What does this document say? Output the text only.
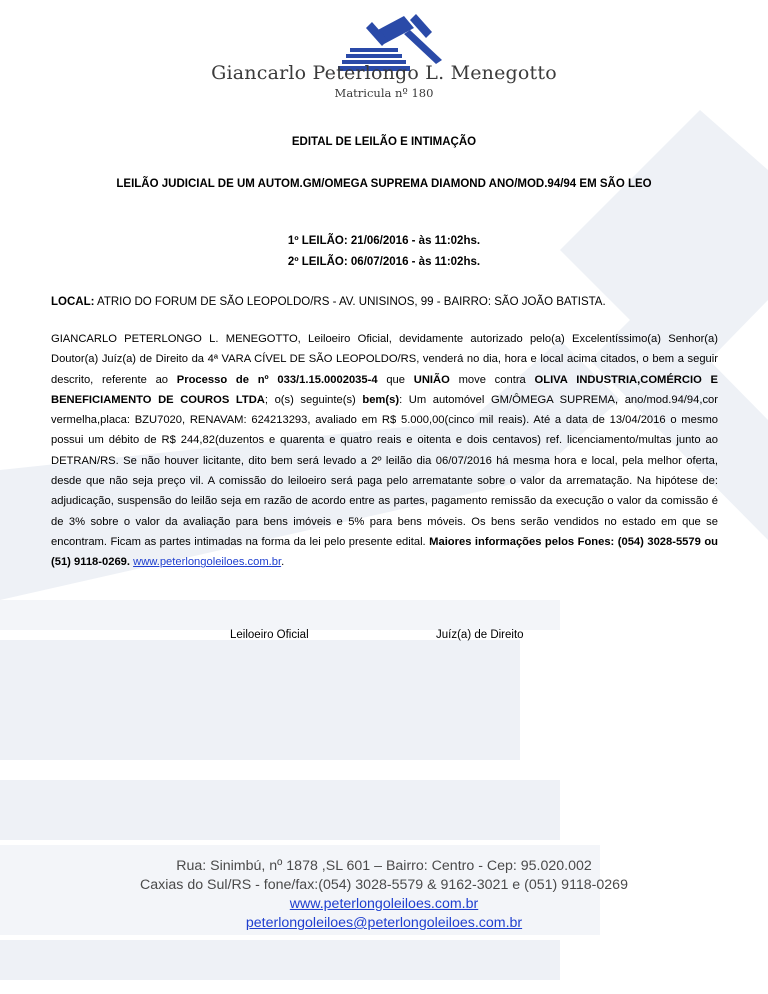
Giancarlo Peterlongo L. Menegotto
Matricula nº 180
EDITAL DE LEILÃO E INTIMAÇÃO
LEILÃO JUDICIAL DE UM AUTOM.GM/OMEGA SUPREMA DIAMOND ANO/MOD.94/94 EM SÃO LEO
1º LEILÃO: 21/06/2016 - às 11:02hs.
2º LEILÃO: 06/07/2016 - às 11:02hs.
LOCAL: ATRIO DO FORUM DE SÃO LEOPOLDO/RS - AV. UNISINOS, 99 - BAIRRO: SÃO JOÃO BATISTA.
GIANCARLO PETERLONGO L. MENEGOTTO, Leiloeiro Oficial, devidamente autorizado pelo(a) Excelentíssimo(a) Senhor(a) Doutor(a) Juíz(a) de Direito da 4ª VARA CÍVEL DE SÃO LEOPOLDO/RS, venderá no dia, hora e local acima citados, o bem a seguir descrito, referente ao Processo de nº 033/1.15.0002035-4 que UNIÃO move contra OLIVA INDUSTRIA,COMÉRCIO E BENEFICIAMENTO DE COUROS LTDA; o(s) seguinte(s) bem(s): Um automóvel GM/ÔMEGA SUPREMA, ano/mod.94/94,cor vermelha,placa: BZU7020, RENAVAM: 624213293, avaliado em R$ 5.000,00(cinco mil reais). Até a data de 13/04/2016 o mesmo possui um débito de R$ 244,82(duzentos e quarenta e quatro reais e oitenta e dois centavos) ref. licenciamento/multas junto ao DETRAN/RS. Se não houver licitante, dito bem será levado a 2º leilão dia 06/07/2016 há mesma hora e local, pela melhor oferta, desde que não seja preço vil. A comissão do leiloeiro será paga pelo arrematante sobre o valor da arrematação. Na hipótese de: adjudicação, suspensão do leilão seja em razão de acordo entre as partes, pagamento remissão da execução o valor da comissão é de 3% sobre o valor da avaliação para bens imóveis e 5% para bens móveis. Os bens serão vendidos no estado em que se encontram. Ficam as partes intimadas na forma da lei pelo presente edital. Maiores informações pelos Fones: (054) 3028-5579 ou (51) 9118-0269. www.peterlongoleiloes.com.br.
Leiloeiro Oficial	Juíz(a) de Direito
Rua: Sinimbú, nº 1878 ,SL 601 – Bairro: Centro - Cep: 95.020.002
Caxias do Sul/RS - fone/fax:(054) 3028-5579 & 9162-3021 e (051) 9118-0269
www.peterlongoleiloes.com.br
peterlongoleiloes@peterlongoleiloes.com.br
